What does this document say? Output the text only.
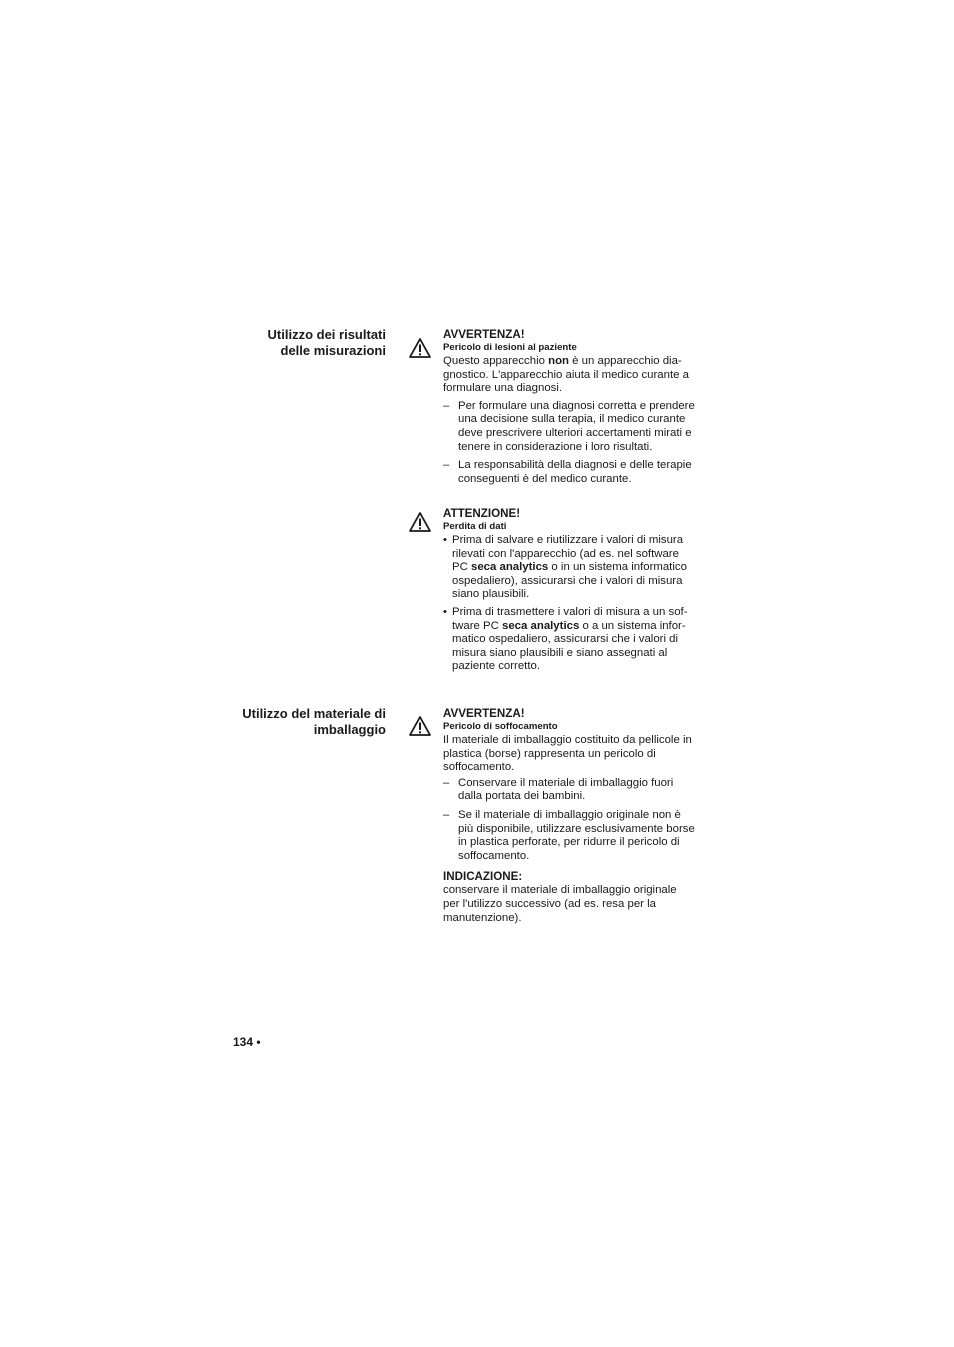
Utilizzo dei risultati
delle misurazioni
AVVERTENZA!
Pericolo di lesioni al paziente

Questo apparecchio non è un apparecchio dia-gnostico. L'apparecchio aiuta il medico curante a formulare una diagnosi.

– Per formulare una diagnosi corretta e prendere una decisione sulla terapia, il medico curante deve prescrivere ulteriori accertamenti mirati e tenere in considerazione i loro risultati.
– La responsabilità della diagnosi e delle terapie conseguenti è del medico curante.
ATTENZIONE!
Perdita di dati
• Prima di salvare e riutilizzare i valori di misura rilevati con l'apparecchio (ad es. nel software PC seca analytics o in un sistema informatico ospedaliero), assicurarsi che i valori di misura siano plausibili.
• Prima di trasmettere i valori di misura a un sof-tware PC seca analytics o a un sistema infor-matico ospedaliero, assicurarsi che i valori di misura siano plausibili e siano assegnati al paziente corretto.
Utilizzo del materiale di
imballaggio
AVVERTENZA!
Pericolo di soffocamento

Il materiale di imballaggio costituito da pellicole in plastica (borse) rappresenta un pericolo di soffocamento.

– Conservare il materiale di imballaggio fuori dalla portata dei bambini.
– Se il materiale di imballaggio originale non è più disponibile, utilizzare esclusivamente borse in plastica perforate, per ridurre il pericolo di soffocamento.
INDICAZIONE:

conservare il materiale di imballaggio originale per l'utilizzo successivo (ad es. resa per la manutenzione).

134 •
